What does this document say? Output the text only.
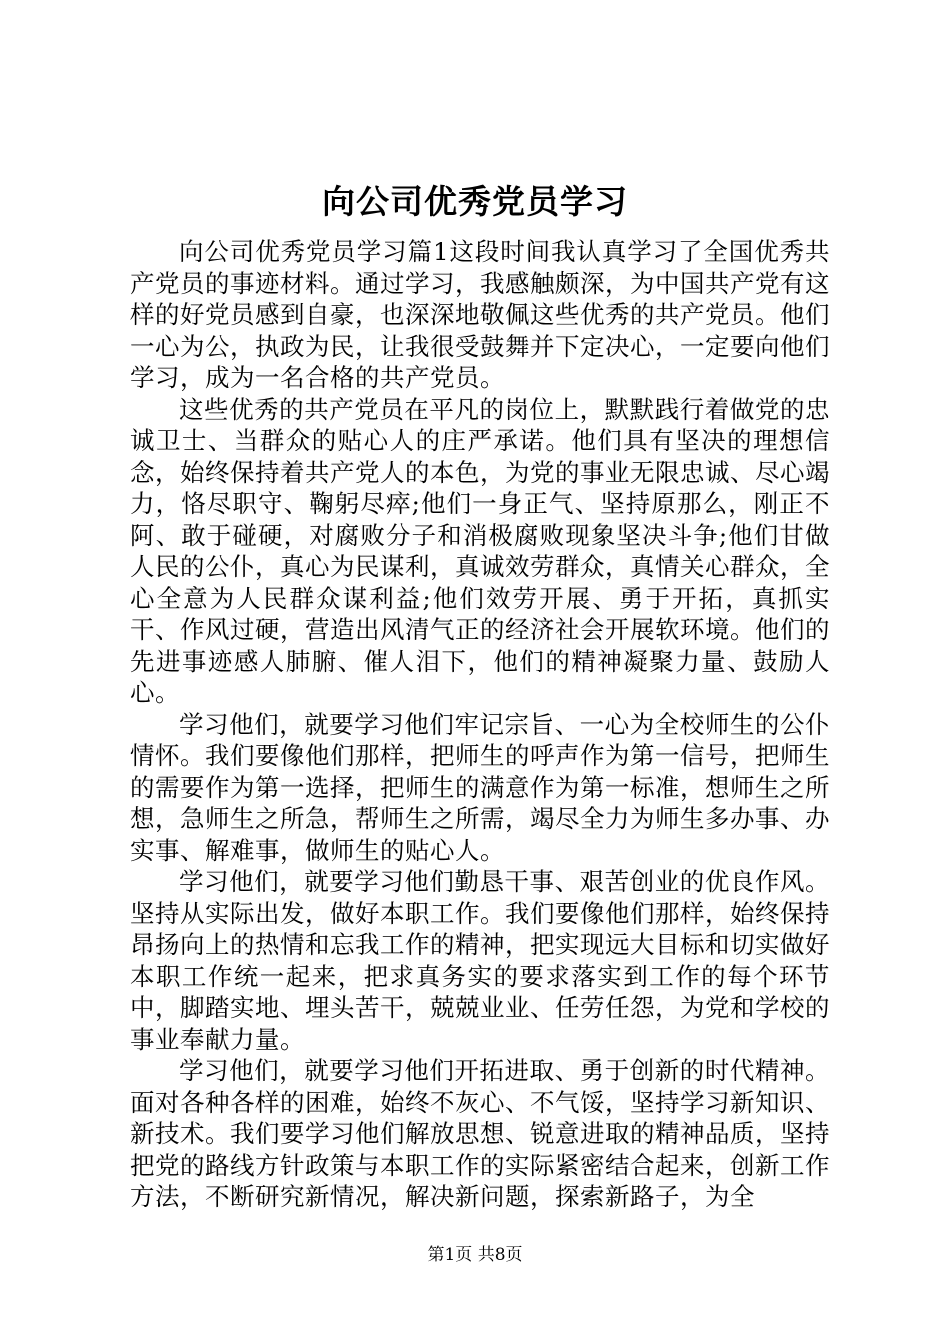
向公司优秀党员学习

向公司优秀党员学习篇1这段时间我认真学习了全国优秀共产党员的事迹材料。通过学习，我感触颇深，为中国共产党有这样的好党员感到自豪，也深深地敬佩这些优秀的共产党员。他们一心为公，执政为民，让我很受鼓舞并下定决心，一定要向他们学习，成为一名合格的共产党员。

这些优秀的共产党员在平凡的岗位上，默默践行着做党的忠诚卫士、当群众的贴心人的庄严承诺。他们具有坚决的理想信念，始终保持着共产党人的本色，为党的事业无限忠诚、尽心竭力，恪尽职守、鞠躬尽瘁;他们一身正气、坚持原那么，刚正不阿、敢于碰硬，对腐败分子和消极腐败现象坚决斗争;他们甘做人民的公仆，真心为民谋利，真诚效劳群众，真情关心群众，全心全意为人民群众谋利益;他们效劳开展、勇于开拓，真抓实干、作风过硬，营造出风清气正的经济社会开展软环境。他们的先进事迹感人肺腑、催人泪下，他们的精神凝聚力量、鼓励人心。

学习他们，就要学习他们牢记宗旨、一心为全校师生的公仆情怀。我们要像他们那样，把师生的呼声作为第一信号，把师生的需要作为第一选择，把师生的满意作为第一标准，想师生之所想，急师生之所急，帮师生之所需，竭尽全力为师生多办事、办实事、解难事，做师生的贴心人。

学习他们，就要学习他们勤恳干事、艰苦创业的优良作风。坚持从实际出发，做好本职工作。我们要像他们那样，始终保持昂扬向上的热情和忘我工作的精神，把实现远大目标和切实做好本职工作统一起来，把求真务实的要求落实到工作的每个环节中，脚踏实地、埋头苦干，兢兢业业、任劳任怨，为党和学校的事业奉献力量。

学习他们，就要学习他们开拓进取、勇于创新的时代精神。面对各种各样的困难，始终不灰心、不气馁，坚持学习新知识、新技术。我们要学习他们解放思想、锐意进取的精神品质，坚持把党的路线方针政策与本职工作的实际紧密结合起来，创新工作方法，不断研究新情况，解决新问题，探索新路子，为全

第1页 共8页
